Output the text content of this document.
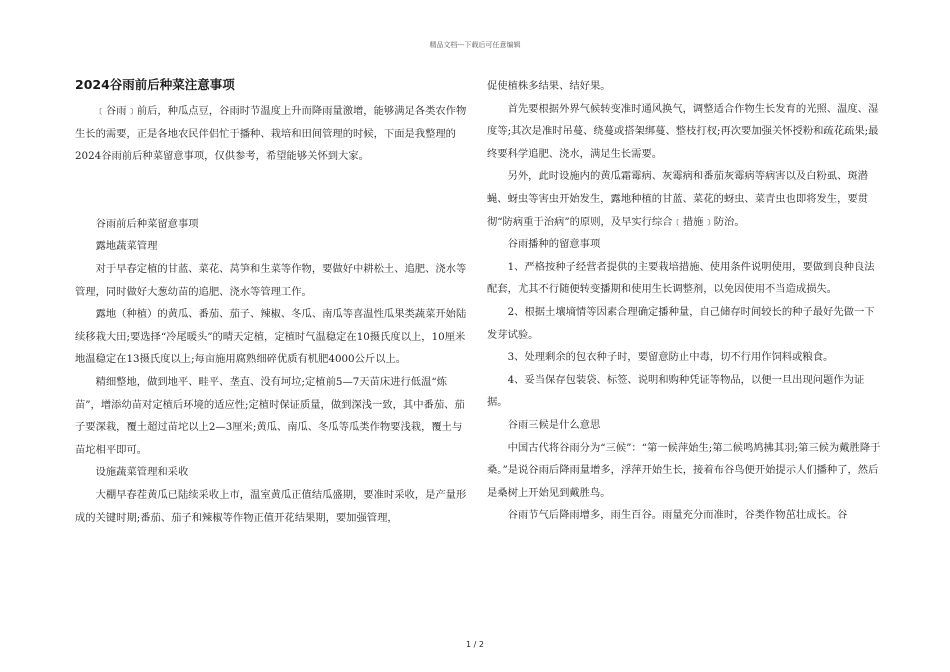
精品文档---下载后可任意编辑
2024谷雨前后种菜注意事项

﹝谷雨﹞前后，种瓜点豆，谷雨时节温度上升而降雨量激增，能够满足各类农作物生长的需要，正是各地农民伴侣忙于播种、栽培和田间管理的时候，下面是我整理的2024谷雨前后种菜留意事项，仅供参考，希望能够关怀到大家。

谷雨前后种菜留意事项

露地蔬菜管理

对于早春定植的甘蓝、菜花、莴笋和生菜等作物，要做好中耕松土、追肥、浇水等管理，同时做好大葱幼苗的追肥、浇水等管理工作。

露地（种植）的黄瓜、番茄、茄子、辣椒、冬瓜、南瓜等喜温性瓜果类蔬菜开始陆续移栽大田;要选择“冷尾暖头”的晴天定植，定植时气温稳定在10摄氏度以上，10厘米地温稳定在13摄氏度以上;每亩施用腐熟细碎优质有机肥4000公斤以上。

精细整地，做到地平、畦平、垄直、没有坷垃;定植前5—7天苗床进行低温“炼苗”，增添幼苗对定植后环境的适应性;定植时保证质量，做到深浅一致，其中番茄、茄子要深栽，覆土超过苗坨以上2—3厘米;黄瓜、南瓜、冬瓜等瓜类作物要浅栽，覆土与苗坨相平即可。

设施蔬菜管理和采收

大棚早春茬黄瓜已陆续采收上市，温室黄瓜正值结瓜盛期，要准时采收，是产量形成的关键时期;番茄、茄子和辣椒等作物正值开花结果期，要加强管理，

促使植株多结果、结好果。

首先要根据外界气候转变准时通风换气，调整适合作物生长发育的光照、温度、湿度等;其次是准时吊蔓、绕蔓或搭架绑蔓、整枝打杈;再次要加强关怀授粉和疏花疏果;最终要科学追肥、浇水，满足生长需要。

另外，此时设施内的黄瓜霜霉病、灰霉病和番茄灰霉病等病害以及白粉虱、斑潜蝇、蚜虫等害虫开始发生，露地种植的甘蓝、菜花的蚜虫、菜青虫也即将发生，要贯彻“防病重于治病”的原则，及早实行综合﹝措施﹞防治。

谷雨播种的留意事项

1、严格按种子经营者提供的主要栽培措施、使用条件说明使用，要做到良种良法配套，尤其不行随便转变播期和使用生长调整剂，以免因使用不当造成损失。

2、根据土壤墒情等因素合理确定播种量，自己储存时间较长的种子最好先做一下发芽试验。

3、处理剩余的包衣种子时，要留意防止中毒，切不行用作饲料或粮食。

4、妥当保存包装袋、标签、说明和购种凭证等物品，以便一旦出现问题作为证据。

谷雨三候是什么意思

中国古代将谷雨分为“三候”：“第一候萍始生;第二候鸣鸠拂其羽;第三候为戴胜降于桑。”是说谷雨后降雨量增多，浮萍开始生长，接着布谷鸟便开始提示人们播种了，然后是桑树上开始见到戴胜鸟。

谷雨节气后降雨增多，雨生百谷。雨量充分而准时，谷类作物茁壮成长。谷

1 / 2
